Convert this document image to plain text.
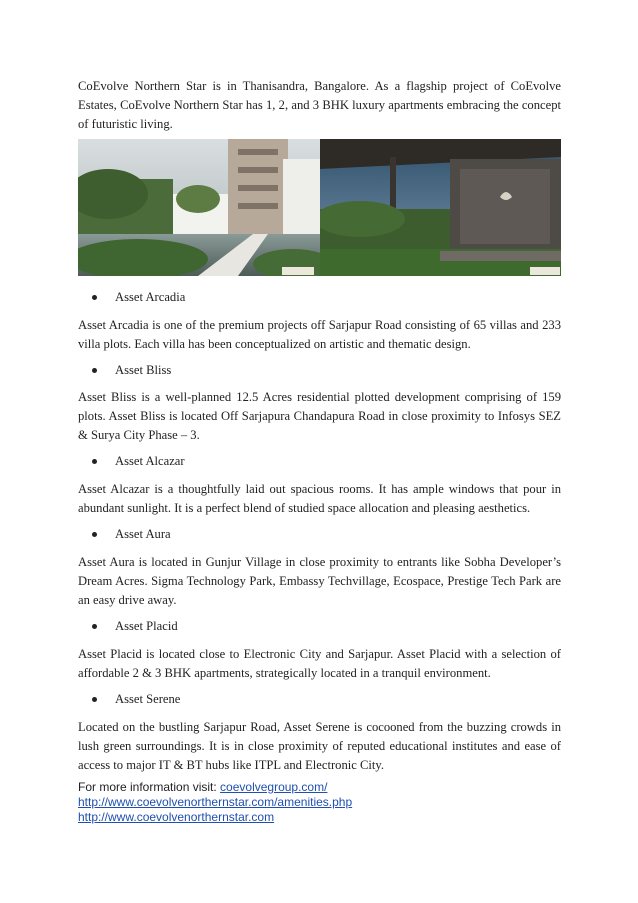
CoEvolve Northern Star is in Thanisandra, Bangalore. As a flagship project of CoEvolve Estates, CoEvolve Northern Star has 1, 2, and 3 BHK luxury apartments embracing the concept of futuristic living.

Asset Arcadia

Asset Arcadia is one of the premium projects off Sarjapur Road consisting of 65 villas and 233 villa plots. Each villa has been conceptualized on artistic and thematic design.

Asset Bliss

Asset Bliss is a well-planned 12.5 Acres residential plotted development comprising of 159 plots. Asset Bliss is located Off Sarjapura Chandapura Road in close proximity to Infosys SEZ & Surya City Phase – 3.

Asset Alcazar

Asset Alcazar is a thoughtfully laid out spacious rooms. It has ample windows that pour in abundant sunlight. It is a perfect blend of studied space allocation and pleasing aesthetics.

Asset Aura

Asset Aura is located in Gunjur Village in close proximity to entrants like Sobha Developer’s Dream Acres. Sigma Technology Park, Embassy Techvillage, Ecospace, Prestige Tech Park are an easy drive away.

Asset Placid

Asset Placid is located close to Electronic City and Sarjapur. Asset Placid with a selection of affordable 2 & 3 BHK apartments, strategically located in a tranquil environment.

Asset Serene

Located on the bustling Sarjapur Road, Asset Serene is cocooned from the buzzing crowds in lush green surroundings. It is in close proximity of reputed educational institutes and ease of access to major IT & BT hubs like ITPL and Electronic City.

For more information visit: coevolvegroup.com/
http://www.coevolvenorthernstar.com/amenities.php
http://www.coevolvenorthernstar.com
